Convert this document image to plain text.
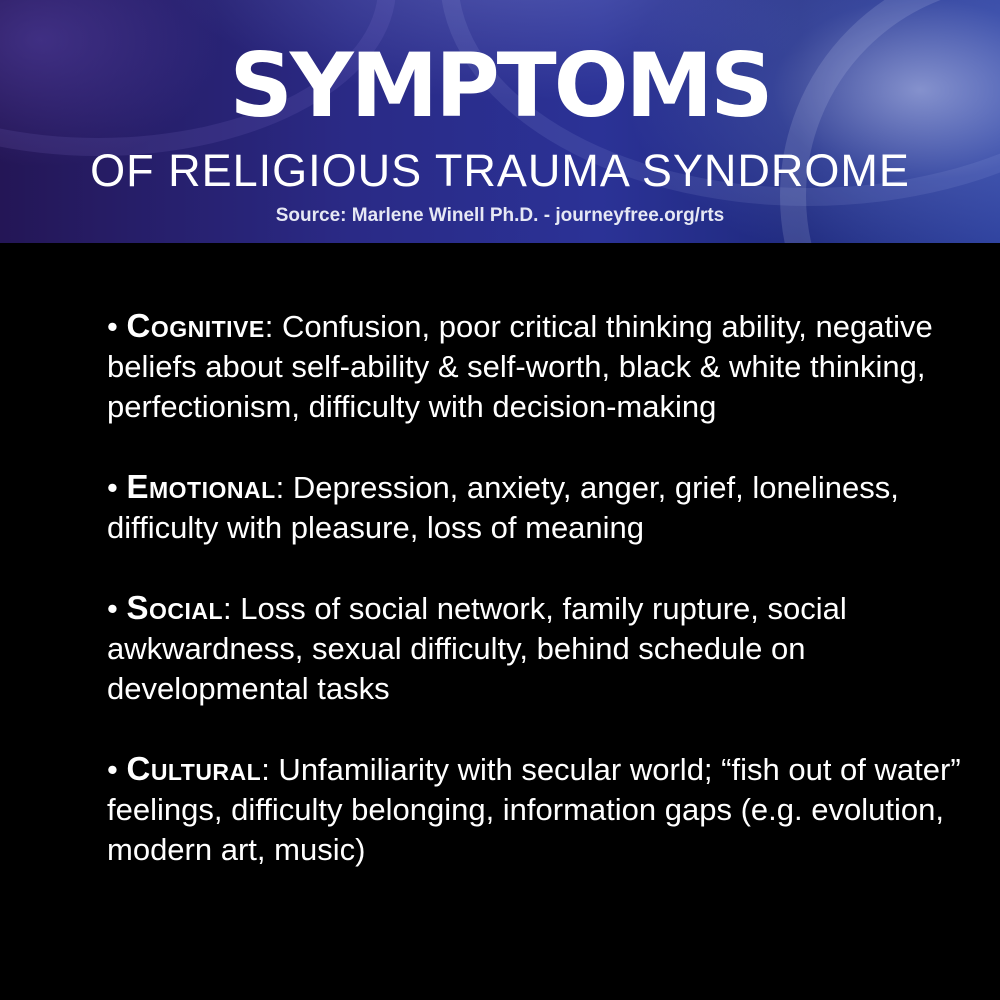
SYMPTOMS
OF RELIGIOUS TRAUMA SYNDROME
Source: Marlene Winell Ph.D. - journeyfree.org/rts
• Cognitive: Confusion, poor critical thinking ability, negative beliefs about self-ability & self-worth, black & white thinking, perfectionism, difficulty with decision-making
• Emotional: Depression, anxiety, anger, grief, loneliness, difficulty with pleasure, loss of meaning
• Social: Loss of social network, family rupture, social awkwardness, sexual difficulty, behind schedule on developmental tasks
• Cultural: Unfamiliarity with secular world; “fish out of water” feelings, difficulty belonging, information gaps (e.g. evolution, modern art, music)
